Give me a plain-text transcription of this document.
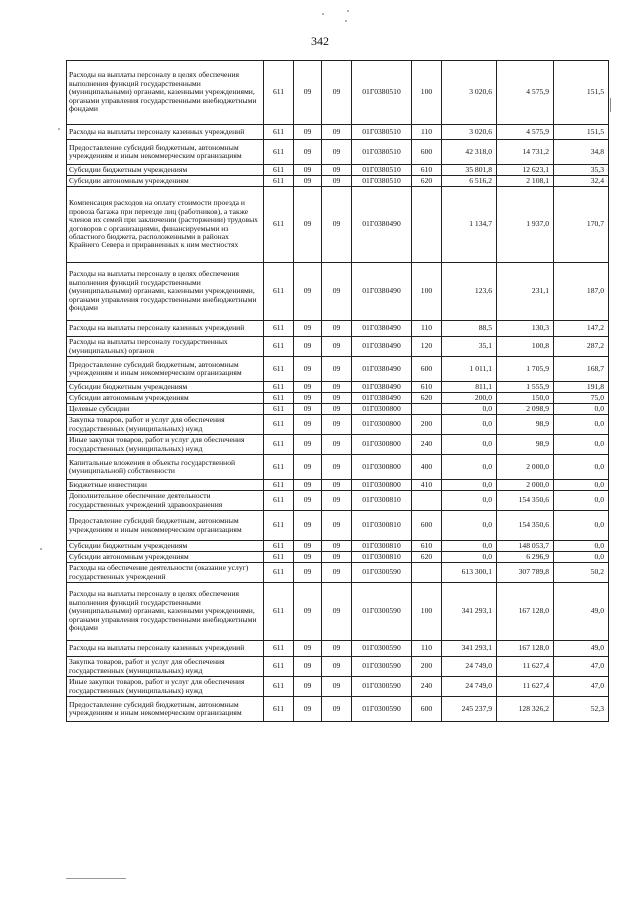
342
Расходы на выплаты персоналу в целях обеспечения выполнения функций государственными (муниципальными) органами, казенными учреждениями, органами управления государственными внебюджетными фондами	611	09	09	01Г0380510	100	3 020,6	4 575,9	151,5
Расходы на выплаты персоналу казенных учреждений	611	09	09	01Г0380510	110	3 020,6	4 575,9	151,5
Предоставление субсидий бюджетным, автономным учреждениям и иным некоммерческим организациям	611	09	09	01Г0380510	600	42 318,0	14 731,2	34,8
Субсидии бюджетным учреждениям	611	09	09	01Г0380510	610	35 801,8	12 623,1	35,3
Субсидии автономным учреждениям	611	09	09	01Г0380510	620	6 516,2	2 108,1	32,4
Компенсация расходов на оплату стоимости проезда и провоза багажа при переезде лиц (работников), а также членов их семей при заключении (расторжении) трудовых договоров с организациями, финансируемыми из областного бюджета, расположенными в районах Крайнего Севера и приравненных к ним местностях	611	09	09	01Г0380490		1 134,7	1 937,0	170,7
Расходы на выплаты персоналу в целях обеспечения выполнения функций государственными (муниципальными) органами, казенными учреждениями, органами управления государственными внебюджетными фондами	611	09	09	01Г0380490	100	123,6	231,1	187,0
Расходы на выплаты персоналу казенных учреждений	611	09	09	01Г0380490	110	88,5	130,3	147,2
Расходы на выплаты персоналу государственных (муниципальных) органов	611	09	09	01Г0380490	120	35,1	100,8	287,2
Предоставление субсидий бюджетным, автономным учреждениям и иным некоммерческим организациям	611	09	09	01Г0380490	600	1 011,1	1 705,9	168,7
Субсидии бюджетным учреждениям	611	09	09	01Г0380490	610	811,1	1 555,9	191,8
Субсидии автономным учреждениям	611	09	09	01Г0380490	620	200,0	150,0	75,0
Целевые субсидии	611	09	09	01Г0300800		0,0	2 098,9	0,0
Закупка товаров, работ и услуг для обеспечения государственных (муниципальных) нужд	611	09	09	01Г0300800	200	0,0	98,9	0,0
Иные закупки товаров, работ и услуг для обеспечения государственных (муниципальных) нужд	611	09	09	01Г0300800	240	0,0	98,9	0,0
Капитальные вложения в объекты государственной (муниципальной) собственности	611	09	09	01Г0300800	400	0,0	2 000,0	0,0
Бюджетные инвестиции	611	09	09	01Г0300800	410	0,0	2 000,0	0,0
Дополнительное обеспечение деятельности государственных учреждений здравоохранения	611	09	09	01Г0300810		0,0	154 350,6	0,0
Предоставление субсидий бюджетным, автономным учреждениям и иным некоммерческим организациям	611	09	09	01Г0300810	600	0,0	154 350,6	0,0
Субсидии бюджетным учреждениям	611	09	09	01Г0300810	610	0,0	148 053,7	0,0
Субсидии автономным учреждениям	611	09	09	01Г0300810	620	0,0	6 296,9	0,0
Расходы на обеспечение деятельности (оказание услуг) государственных учреждений	611	09	09	01Г0300590		613 300,1	307 789,8	50,2
Расходы на выплаты персоналу в целях обеспечения выполнения функций государственными (муниципальными) органами, казенными учреждениями, органами управления государственными внебюджетными фондами	611	09	09	01Г0300590	100	341 293,1	167 128,0	49,0
Расходы на выплаты персоналу казенных учреждений	611	09	09	01Г0300590	110	341 293,1	167 128,0	49,0
Закупка товаров, работ и услуг для обеспечения государственных (муниципальных) нужд	611	09	09	01Г0300590	200	24 749,0	11 627,4	47,0
Иные закупки товаров, работ и услуг для обеспечения государственных (муниципальных) нужд	611	09	09	01Г0300590	240	24 749,0	11 627,4	47,0
Предоставление субсидий бюджетным, автономным учреждениям и иным некоммерческим организациям	611	09	09	01Г0300590	600	245 237,9	128 326,2	52,3
